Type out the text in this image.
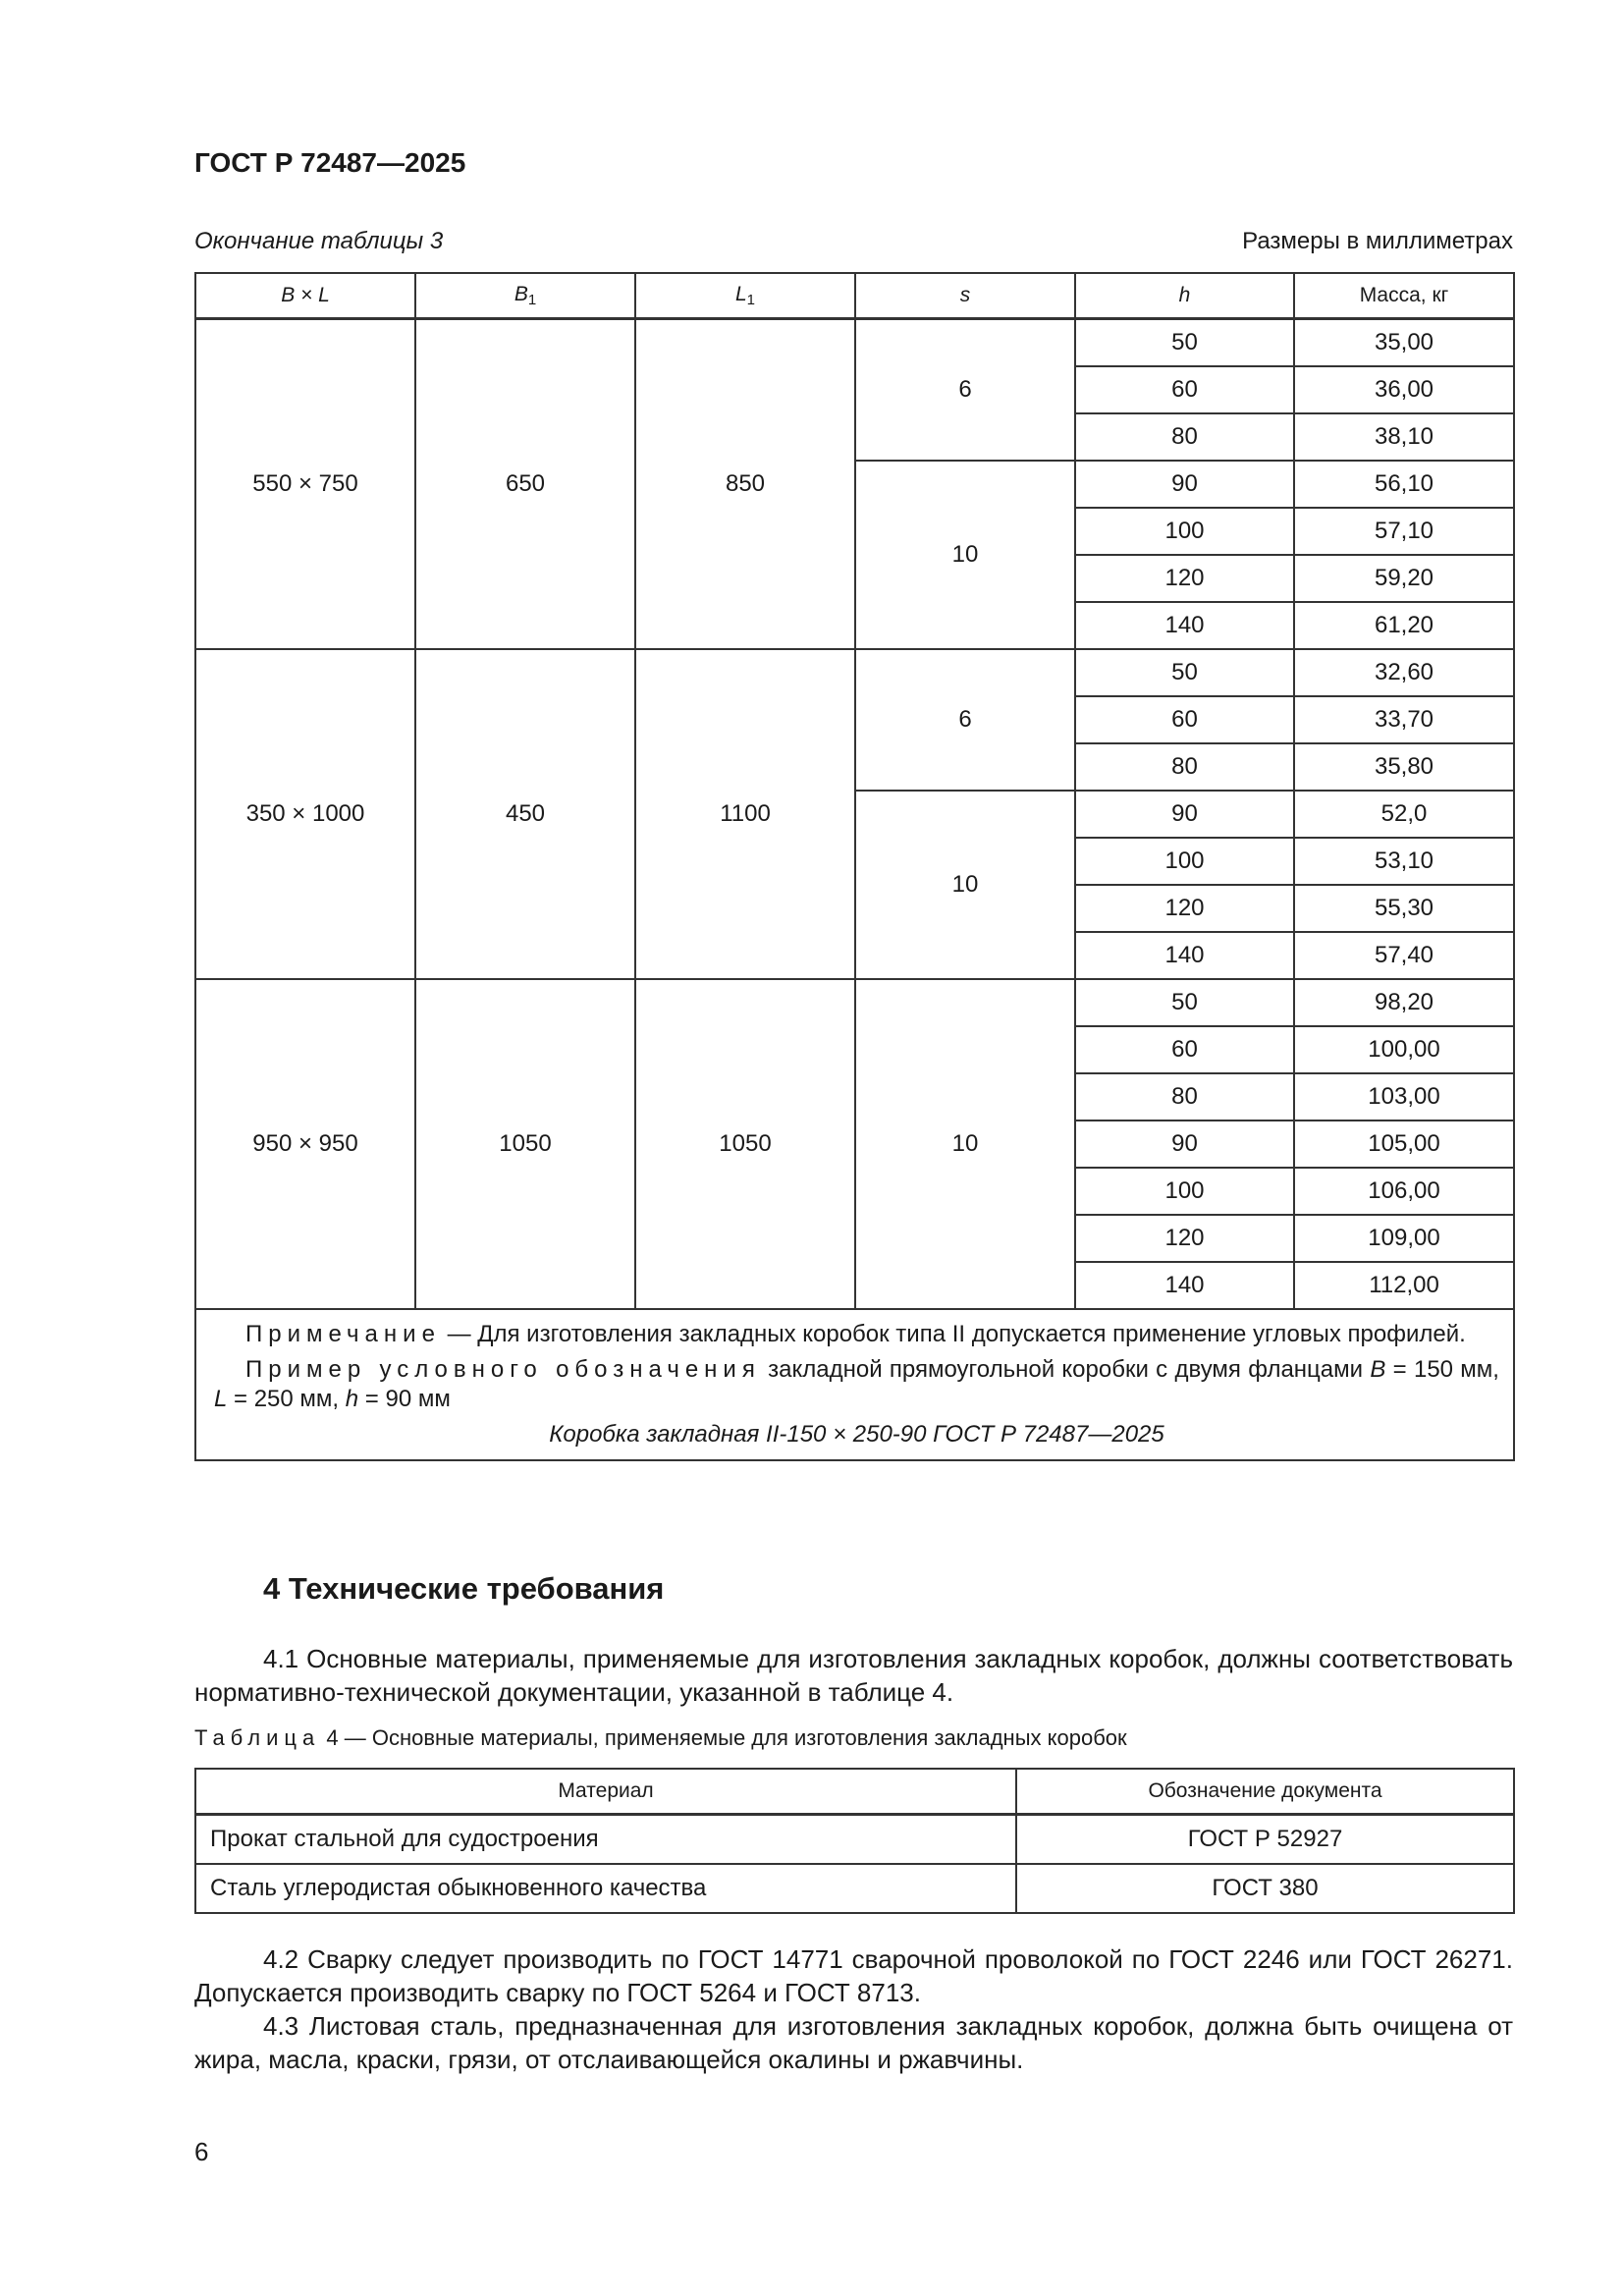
ГОСТ Р 72487—2025
Окончание таблицы 3	Размеры в миллиметрах
B × L	$B_1$	$L_1$	s	h	Масса, кг
550 × 750	650	850	6	50	35,00
				60	36,00
				80	38,10
			10	90	56,10
				100	57,10
				120	59,20
				140	61,20
350 × 1000	450	1100	6	50	32,60
				60	33,70
				80	35,80
			10	90	52,0
				100	53,10
				120	55,30
				140	57,40
950 × 950	1050	1050	10	50	98,20
				60	100,00
				80	103,00
				90	105,00
				100	106,00
				120	109,00
				140	112,00

Примечание — Для изготовления закладных коробок типа II допускается применение угловых профилей.
Пример условного обозначения закладной прямоугольной коробки с двумя фланцами B = 150 мм, L = 250 мм, h = 90 мм
Коробка закладная II-150 × 250-90 ГОСТ Р 72487—2025					
4 Технические требования
4.1 Основные материалы, применяемые для изготовления закладных коробок, должны соответствовать нормативно-технической документации, указанной в таблице 4.
Таблица 4 — Основные материалы, применяемые для изготовления закладных коробок
Материал	Обозначение документа
Прокат стальной для судостроения	ГОСТ Р 52927
Сталь углеродистая обыкновенного качества	ГОСТ 380
4.2 Сварку следует производить по ГОСТ 14771 сварочной проволокой по ГОСТ 2246 или ГОСТ 26271. Допускается производить сварку по ГОСТ 5264 и ГОСТ 8713.
4.3 Листовая сталь, предназначенная для изготовления закладных коробок, должна быть очищена от жира, масла, краски, грязи, от отслаивающейся окалины и ржавчины.
6
